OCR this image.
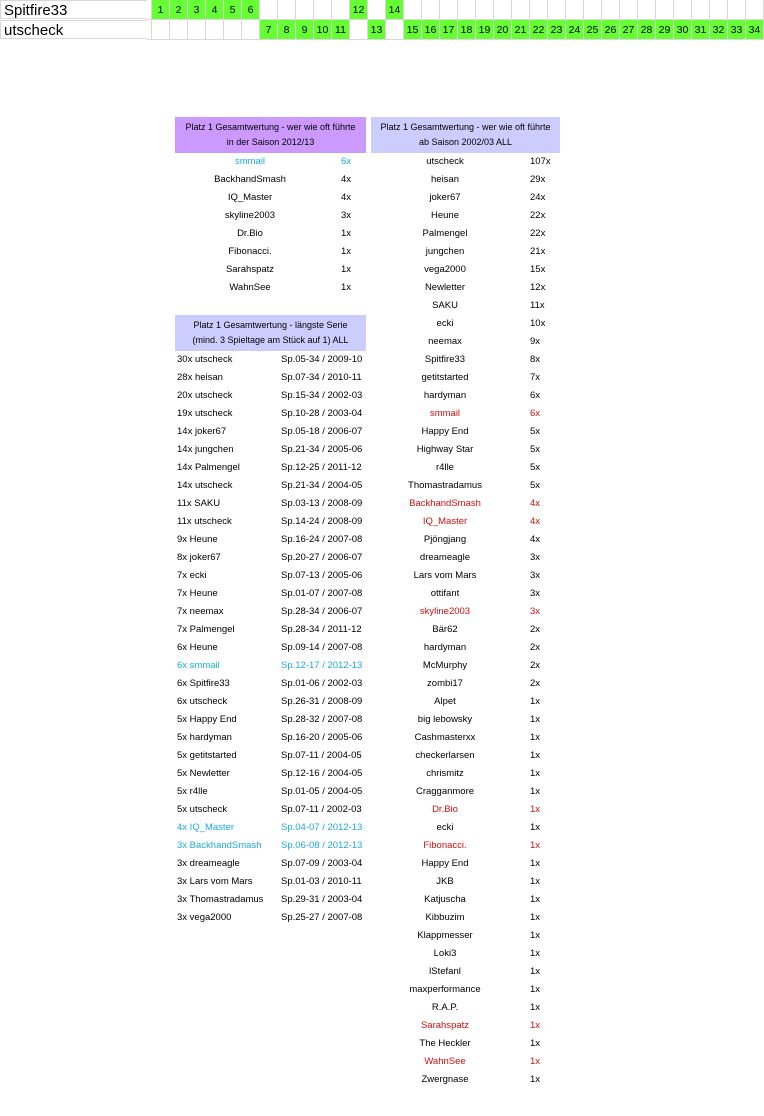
Spitfire33	1	2	3	4	5	6	12	14
utscheck	7	8	9 10 11	13	15 16 17 18 19 20 21 22 23 24 25 26 27 28 29 30 31 32 33 34
Platz 1 Gesamtwertung - wer wie oft führte
in der Saison 2012/13
smmail	6x
BackhandSmash	4x
IQ_Master	4x
skyline2003	3x
Dr.Bio	1x
Fibonacci.	1x
Sarahspatz	1x
WahnSee	1x
Platz 1 Gesamtwertung - wer wie oft führte
ab Saison 2002/03 ALL
utscheck	107x
heisan	29x
joker67	24x
Heune	22x
Palmengel	22x
jungchen	21x
vega2000	15x
Newletter	12x
SAKU	11x
ecki	10x
neemax	9x
Spitfire33	8x
getitstarted	7x
hardyman	6x
smmail	6x
Happy End	5x
Highway Star	5x
r4lle	5x
Thomastradamus	5x
BackhandSmash	4x
IQ_Master	4x
Pjöngjang	4x
dreameagle	3x
Lars vom Mars	3x
ottifant	3x
skyline2003	3x
Bär62	2x
hardyman	2x
McMurphy	2x
zombi17	2x
Alpet	1x
big lebowsky	1x
Cashmasterxx	1x
checkerlarsen	1x
chrismitz	1x
Cragganmore	1x
Dr.Bio	1x
ecki	1x
Fibonacci.	1x
Happy End	1x
JKB	1x
Katjuscha	1x
Kibbuzim	1x
Klappmesser	1x
Loki3	1x
lStefanl	1x
maxperformance	1x
R.A.P.	1x
Sarahspatz	1x
The Heckler	1x
WahnSee	1x
Zwergnase	1x
Platz 1 Gesamtwertung - längste Serie
(mind. 3 Spieltage am Stück auf 1) ALL
30x utscheck	Sp.05-34 / 2009-10
28x heisan	Sp.07-34 / 2010-11
20x utscheck	Sp.15-34 / 2002-03
19x utscheck	Sp.10-28 / 2003-04
14x joker67	Sp.05-18 / 2006-07
14x jungchen	Sp.21-34 / 2005-06
14x Palmengel	Sp.12-25 / 2011-12
14x utscheck	Sp.21-34 / 2004-05
11x SAKU	Sp.03-13 / 2008-09
11x utscheck	Sp.14-24 / 2008-09
9x Heune	Sp.16-24 / 2007-08
8x joker67	Sp.20-27 / 2006-07
7x ecki	Sp.07-13 / 2005-06
7x Heune	Sp.01-07 / 2007-08
7x neemax	Sp.28-34 / 2006-07
7x Palmengel	Sp.28-34 / 2011-12
6x Heune	Sp.09-14 / 2007-08
6x smmail	Sp.12-17 / 2012-13
6x Spitfire33	Sp.01-06 / 2002-03
6x utscheck	Sp.26-31 / 2008-09
5x Happy End	Sp.28-32 / 2007-08
5x hardyman	Sp.16-20 / 2005-06
5x getitstarted	Sp.07-11 / 2004-05
5x Newletter	Sp.12-16 / 2004-05
5x r4lle	Sp.01-05 / 2004-05
5x utscheck	Sp.07-11 / 2002-03
4x IQ_Master	Sp.04-07 / 2012-13
3x BackhandSmash Sp.06-08 / 2012-13
3x dreameagle	Sp.07-09 / 2003-04
3x Lars vom Mars	Sp.01-03 / 2010-11
3x Thomastradamus Sp.29-31 / 2003-04
3x vega2000	Sp.25-27 / 2007-08
